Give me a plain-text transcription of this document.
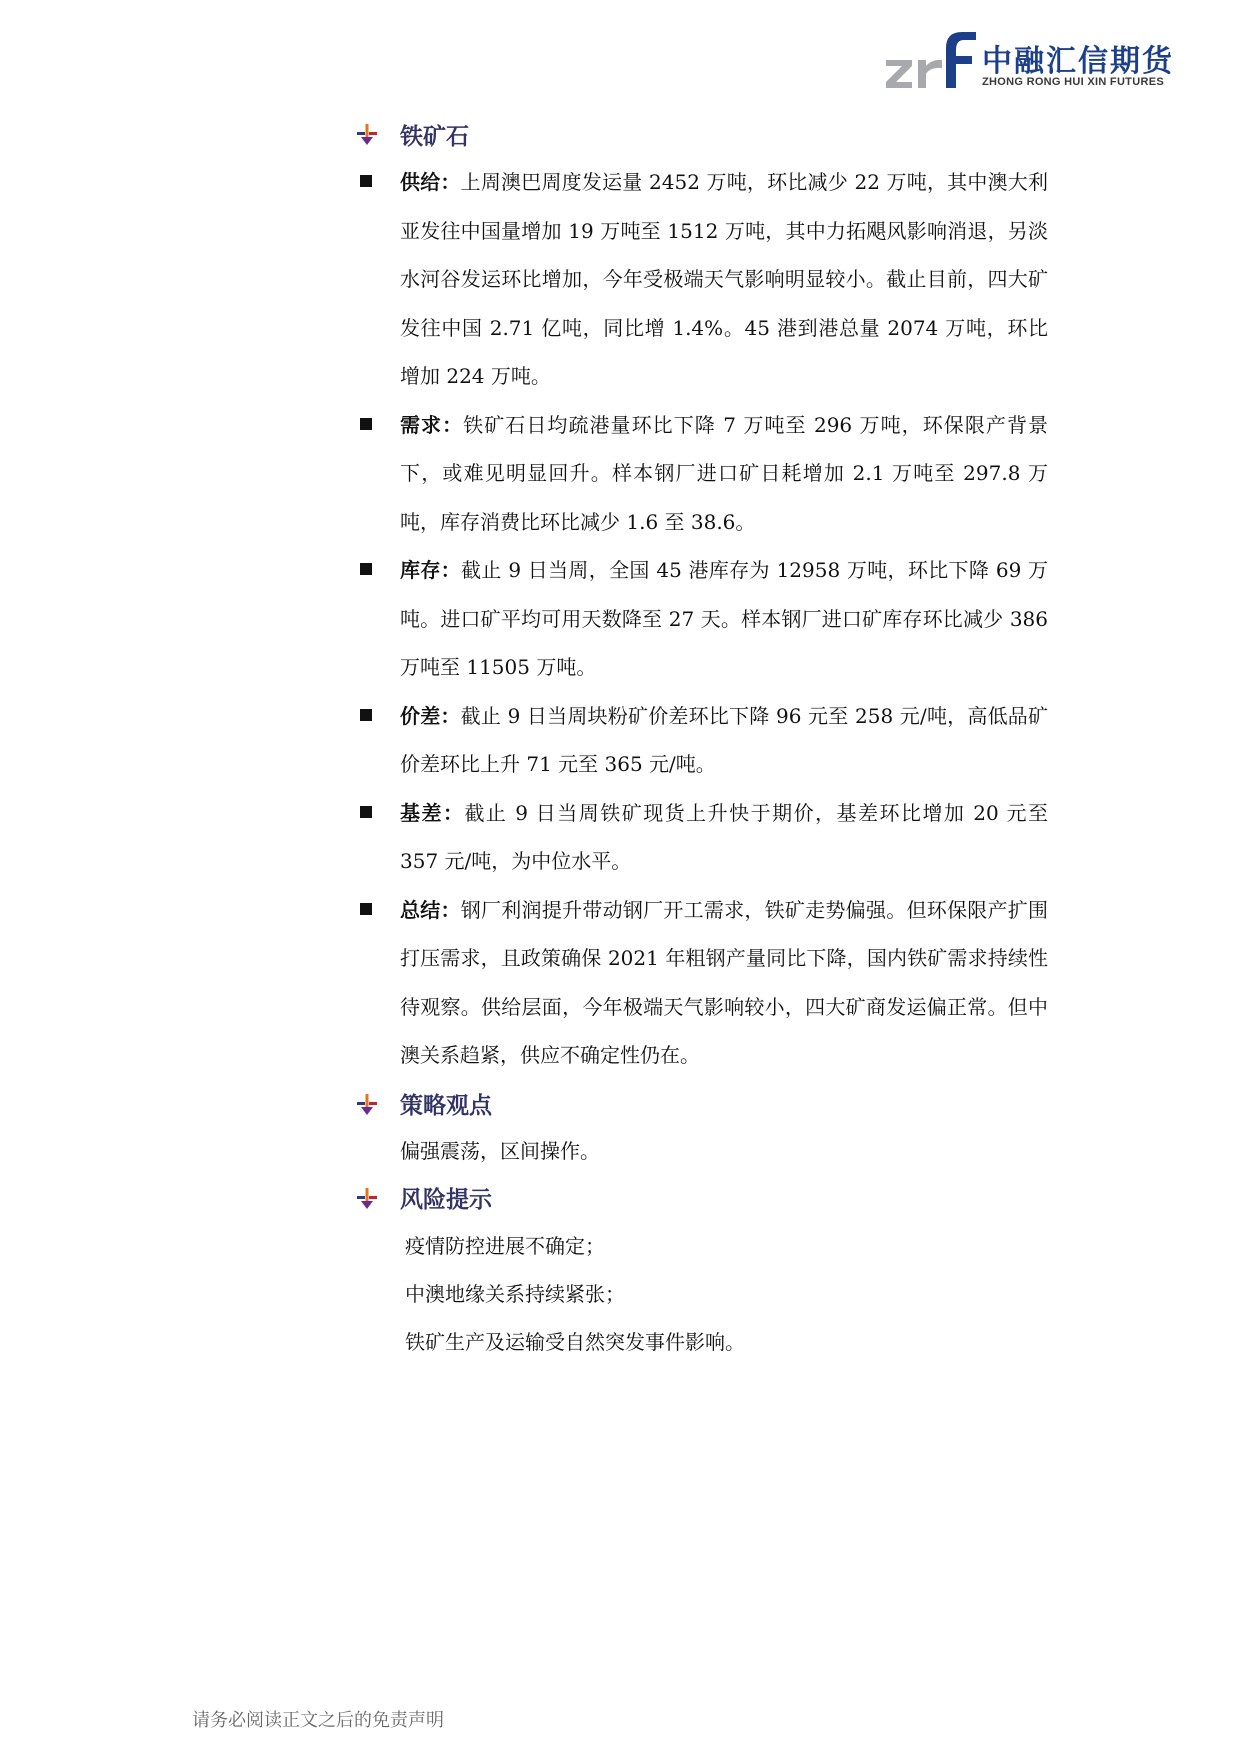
中融汇信期货
ZHONG RONG HUI XIN FUTURES
铁矿石

供给：上周澳巴周度发运量 2452 万吨，环比减少 22 万吨，其中澳大利亚发往中国量增加 19 万吨至 1512 万吨，其中力拓飓风影响消退，另淡水河谷发运环比增加，今年受极端天气影响明显较小。截止目前，四大矿发往中国 2.71 亿吨，同比增 1.4%。45 港到港总量 2074 万吨，环比增加 224 万吨。

需求：铁矿石日均疏港量环比下降 7 万吨至 296 万吨，环保限产背景下，或难见明显回升。样本钢厂进口矿日耗增加 2.1 万吨至 297.8 万吨，库存消费比环比减少 1.6 至 38.6。

库存：截止 9 日当周，全国 45 港库存为 12958 万吨，环比下降 69 万吨。进口矿平均可用天数降至 27 天。样本钢厂进口矿库存环比减少 386 万吨至 11505 万吨。

价差：截止 9 日当周块粉矿价差环比下降 96 元至 258 元/吨，高低品矿价差环比上升 71 元至 365 元/吨。

基差：截止 9 日当周铁矿现货上升快于期价，基差环比增加 20 元至 357 元/吨，为中位水平。

总结：钢厂利润提升带动钢厂开工需求，铁矿走势偏强。但环保限产扩围打压需求，且政策确保 2021 年粗钢产量同比下降，国内铁矿需求持续性待观察。供给层面，今年极端天气影响较小，四大矿商发运偏正常。但中澳关系趋紧，供应不确定性仍在。

策略观点

偏强震荡，区间操作。

风险提示

疫情防控进展不确定；

中澳地缘关系持续紧张；

铁矿生产及运输受自然突发事件影响。

请务必阅读正文之后的免责声明
